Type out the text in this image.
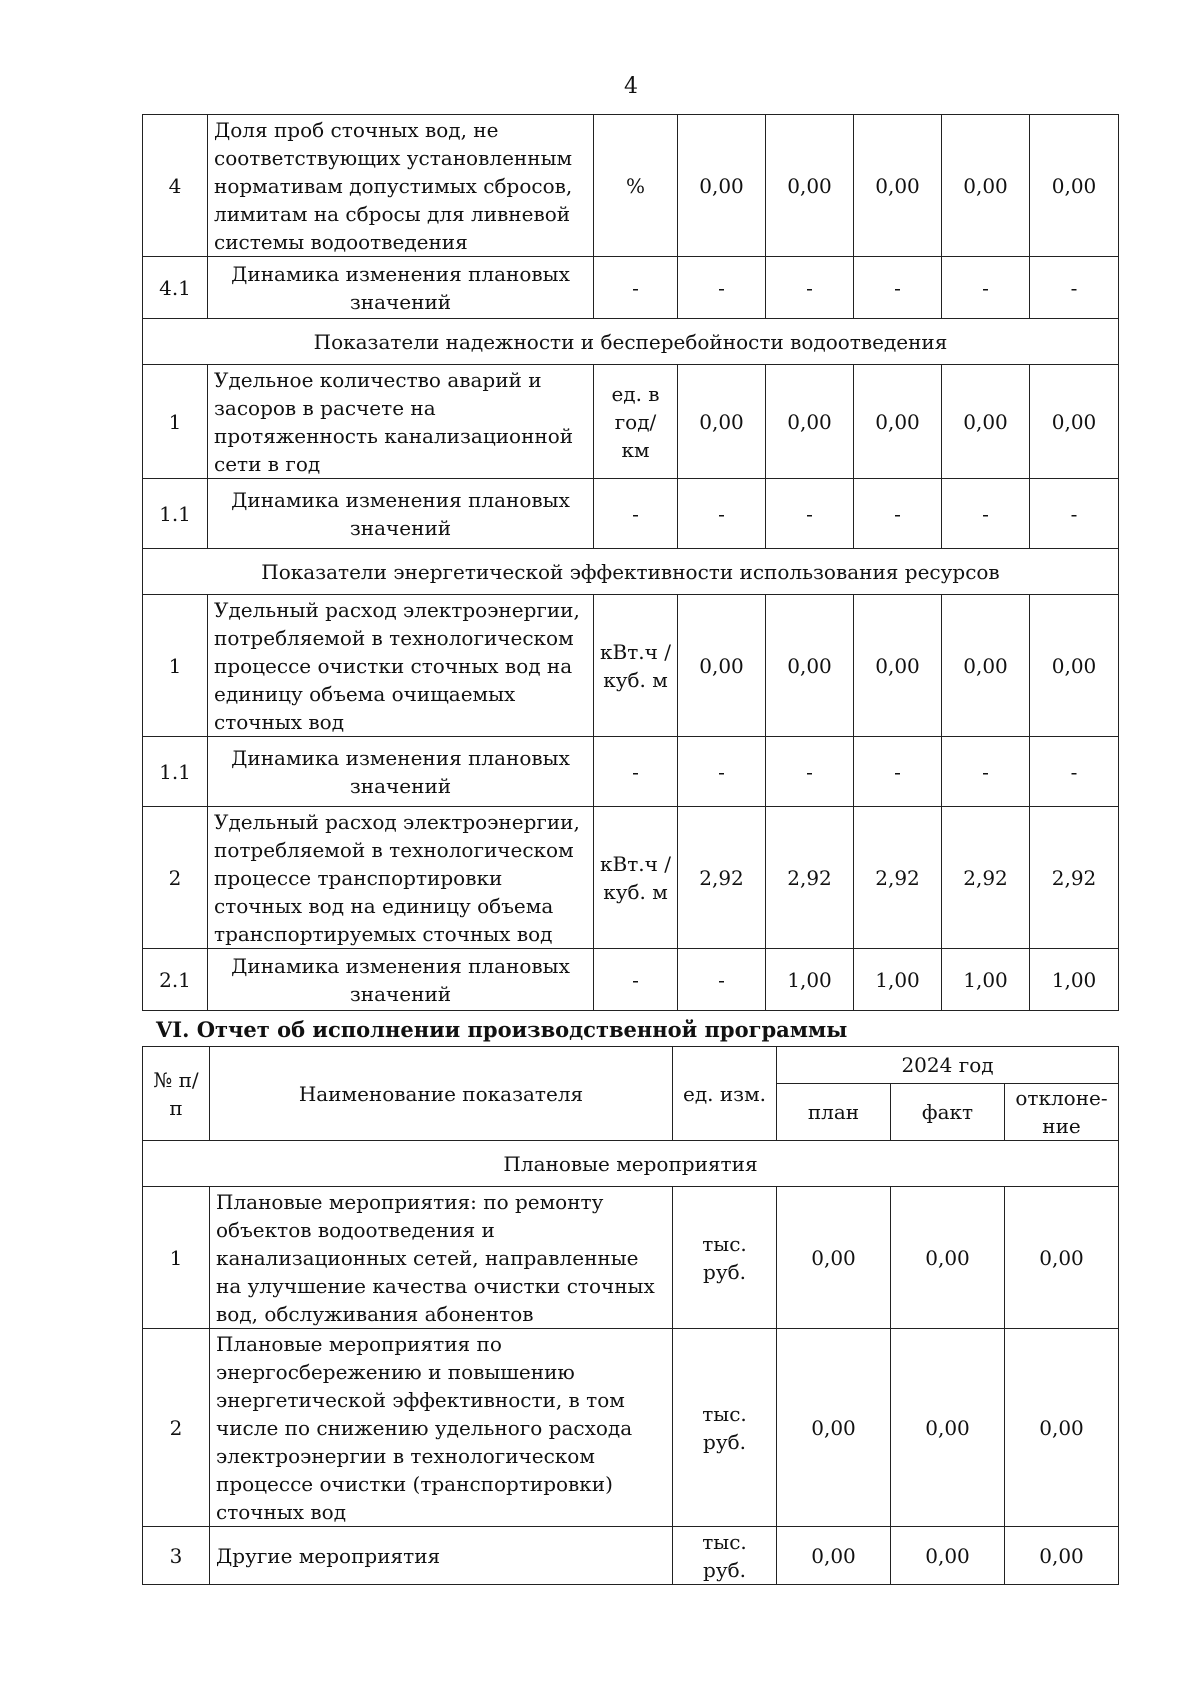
4
4	Доля проб сточных вод, не соответствующих установленным нормативам допустимых сбросов, лимитам на сбросы для ливневой системы водоотведения	%	0,00	0,00	0,00	0,00	0,00
4.1	Динамика изменения плановых значений	-	-	-	-	-	-
Показатели надежности и бесперебойности водоотведения							
1	Удельное количество аварий и засоров в расчете на протяженность канализационной сети в год	ед. в год/ км	0,00	0,00	0,00	0,00	0,00
1.1	Динамика изменения плановых значений	-	-	-	-	-	-
Показатели энергетической эффективности использования ресурсов							
1	Удельный расход электроэнергии, потребляемой в технологическом процессе очистки сточных вод на единицу объема очищаемых сточных вод	кВт.ч / куб. м	0,00	0,00	0,00	0,00	0,00
1.1	Динамика изменения плановых значений	-	-	-	-	-	-
2	Удельный расход электроэнергии, потребляемой в технологическом процессе транспортировки сточных вод на единицу объема транспортируемых сточных вод	кВт.ч / куб. м	2,92	2,92	2,92	2,92	2,92
2.1	Динамика изменения плановых значений	-	-	1,00	1,00	1,00	1,00
VI. Отчет об исполнении производственной программы
№ п/п	Наименование показателя	ед. изм.	2024 год		
			план	факт	отклоне-ние
Плановые мероприятия					
1	Плановые мероприятия: по ремонту объектов водоотведения и канализационных сетей, направленные на улучшение качества очистки сточных вод, обслуживания абонентов	тыс. руб.	0,00	0,00	0,00
2	Плановые мероприятия по энергосбережению и повышению энергетической эффективности, в том числе по снижению удельного расхода электроэнергии в технологическом процессе очистки (транспортировки) сточных вод	тыс. руб.	0,00	0,00	0,00
3	Другие мероприятия	тыс. руб.	0,00	0,00	0,00
